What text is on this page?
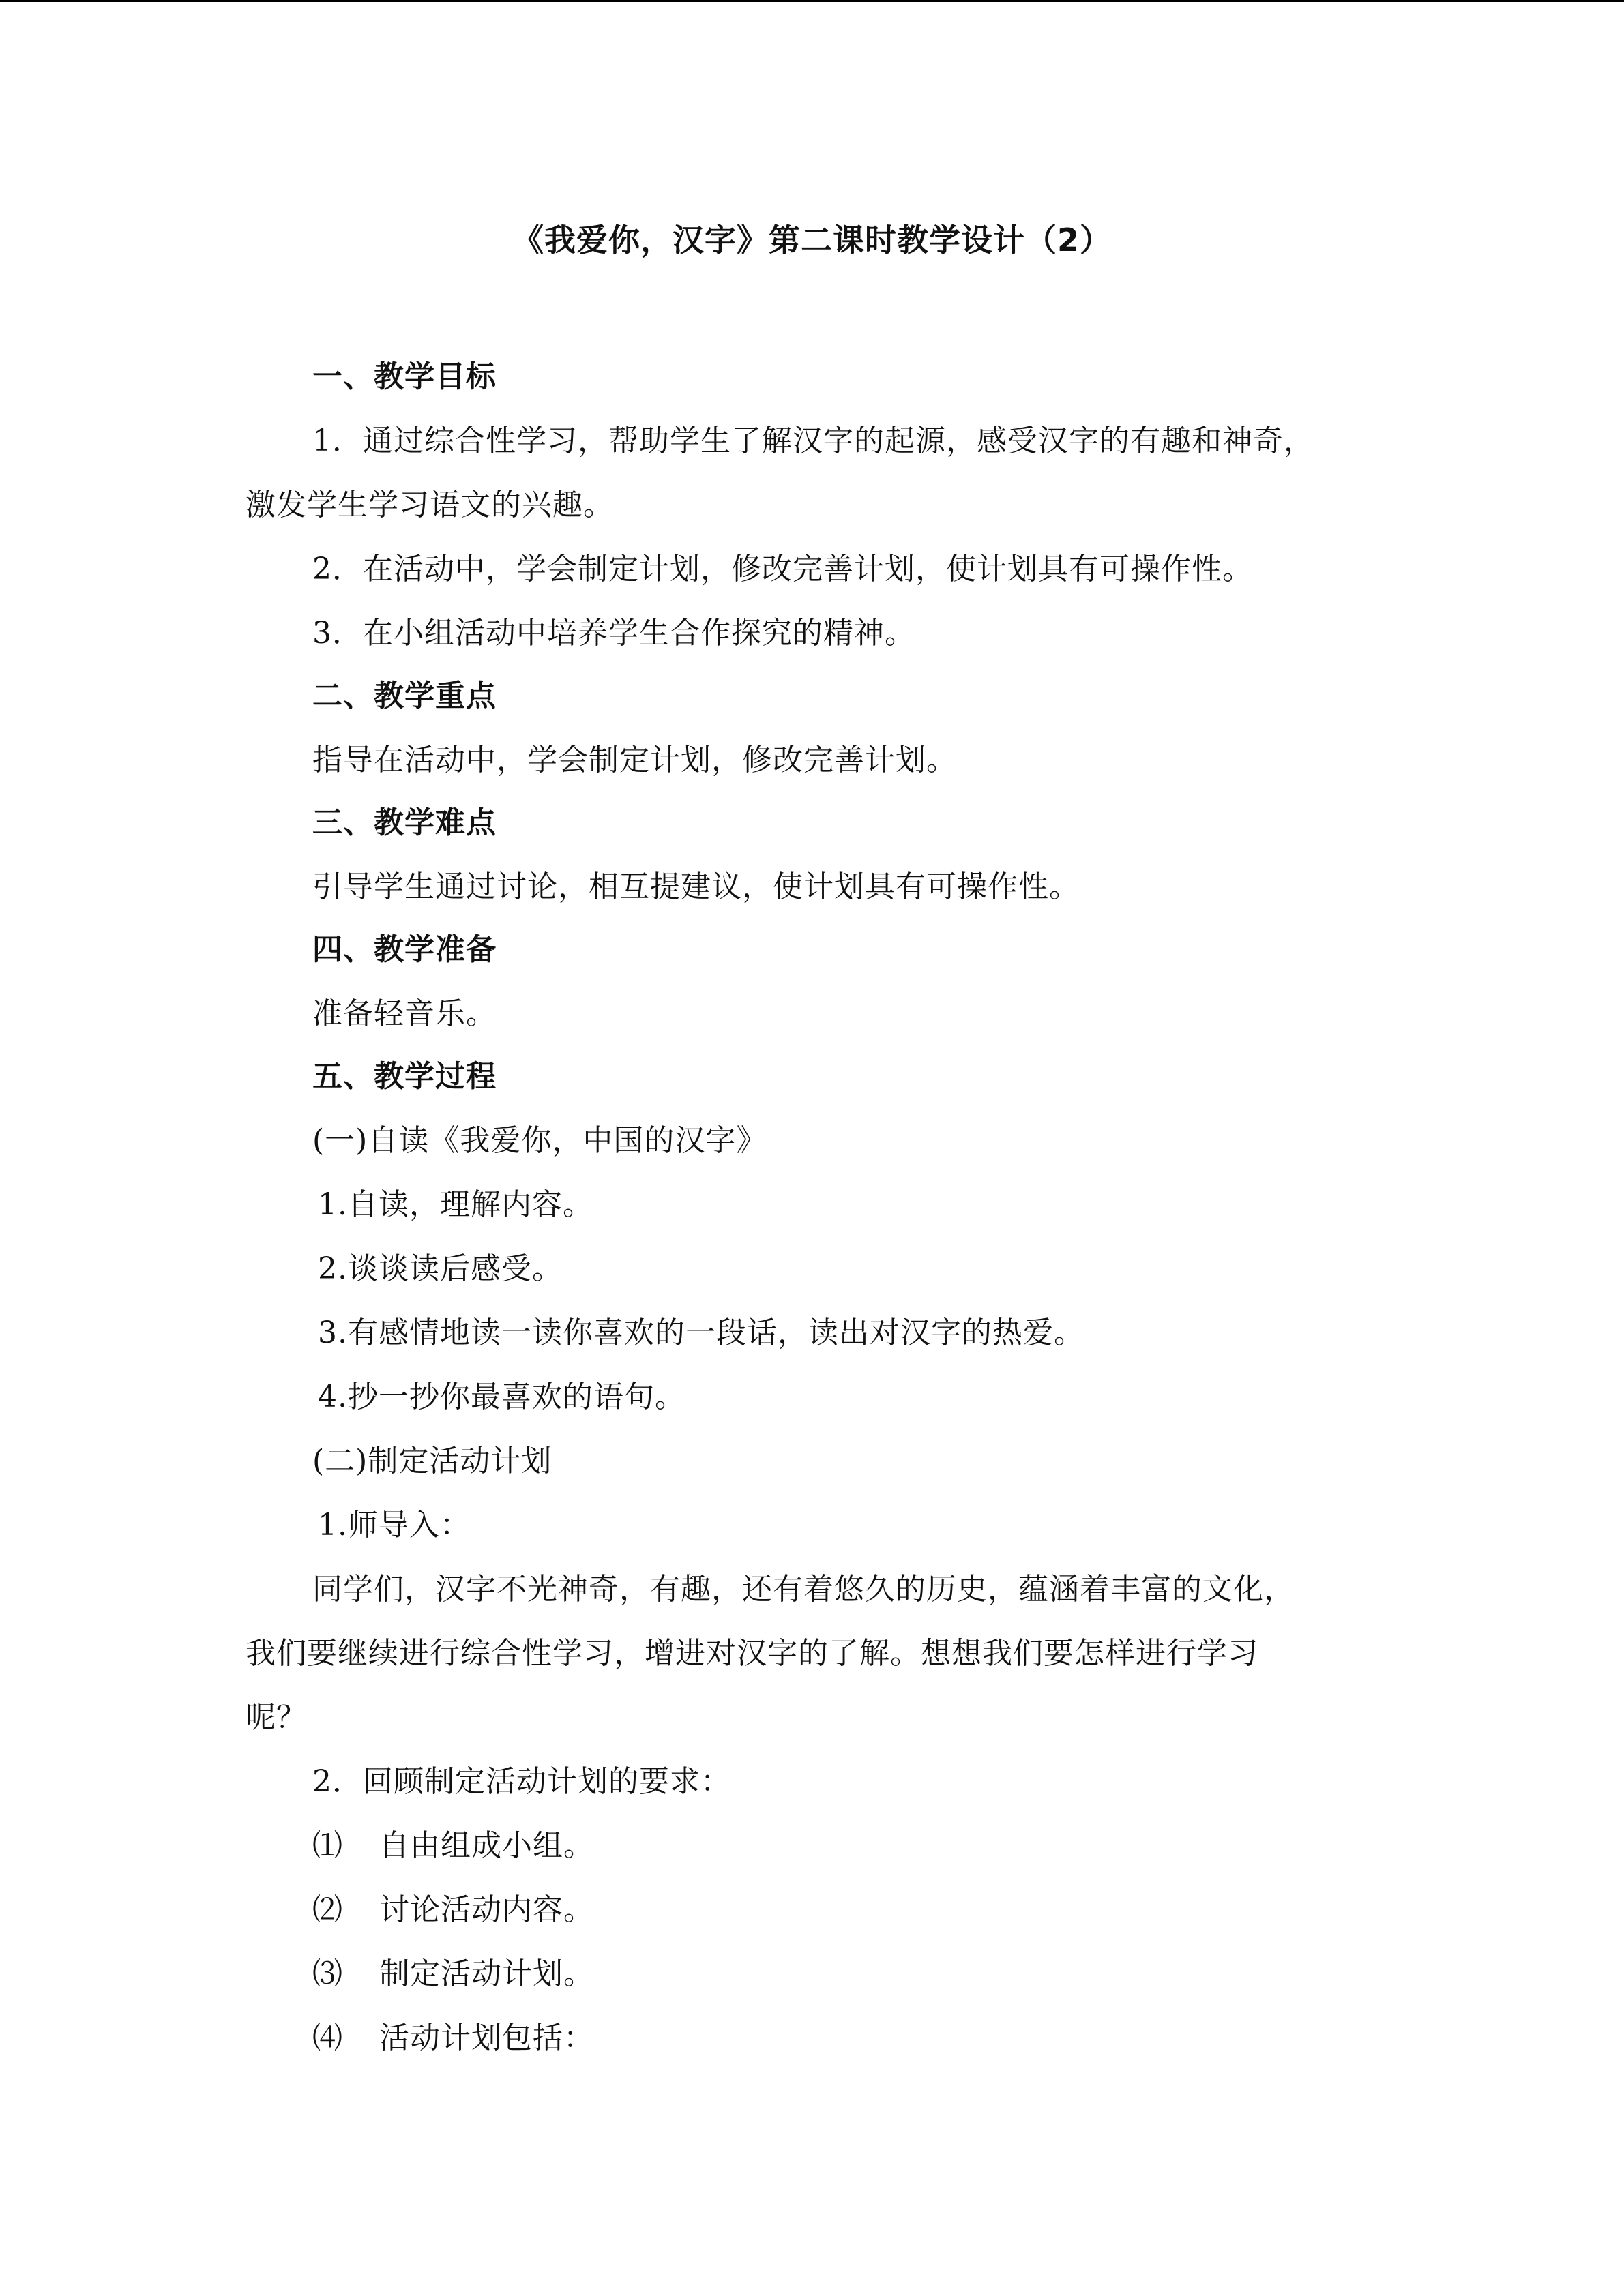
《我爱你，汉字》第二课时教学设计（2）
一、教学目标
1．通过综合性学习，帮助学生了解汉字的起源，感受汉字的有趣和神奇，
激发学生学习语文的兴趣。
2．在活动中，学会制定计划，修改完善计划，使计划具有可操作性。
3．在小组活动中培养学生合作探究的精神。
二、教学重点
指导在活动中，学会制定计划，修改完善计划。
三、教学难点
引导学生通过讨论，相互提建议，使计划具有可操作性。
四、教学准备
准备轻音乐。
五、教学过程
(一)自读《我爱你，中国的汉字》
1.自读，理解内容。
2.谈谈读后感受。
3.有感情地读一读你喜欢的一段话，读出对汉字的热爱。
4.抄一抄你最喜欢的语句。
(二)制定活动计划
1.师导入：
同学们，汉字不光神奇，有趣，还有着悠久的历史，蕴涵着丰富的文化，
我们要继续进行综合性学习，增进对汉字的了解。想想我们要怎样进行学习
呢？
2．回顾制定活动计划的要求：
⑴ 自由组成小组。
⑵ 讨论活动内容。
⑶ 制定活动计划。
⑷ 活动计划包括：
